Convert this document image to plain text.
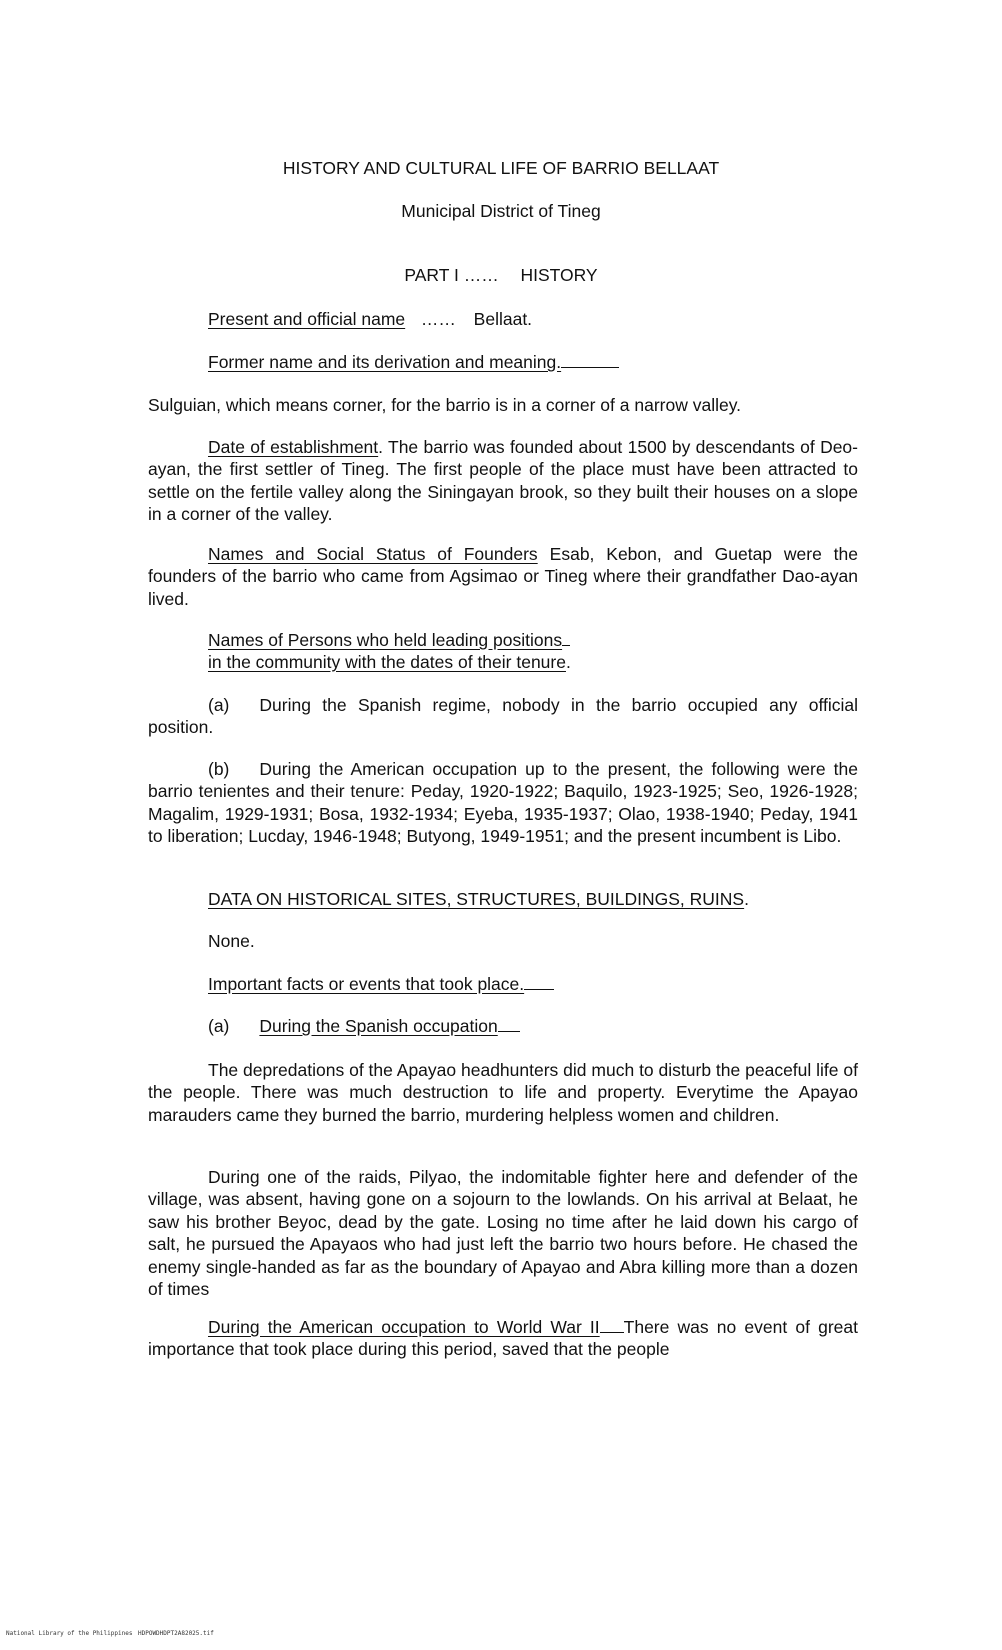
HISTORY AND CULTURAL LIFE OF BARRIO BELLAAT
Municipal District of Tineg
PART I …… HISTORY
Present and official name …… Bellaat.
Former name and its derivation and meaning.
Sulguian, which means corner, for the barrio is in a corner of a narrow valley.

Date of establishment. The barrio was founded about 1500 by descendants of Deo-ayan, the first settler of Tineg. The first people of the place must have been attracted to settle on the fertile valley along the Siningayan brook, so they built their houses on a slope in a corner of the valley.

Names and Social Status of Founders Esab, Kebon, and Guetap were the founders of the barrio who came from Agsimao or Tineg where their grandfather Dao-ayan lived.

Names of Persons who held leading positions
in the community with the dates of their tenure.

(a) During the Spanish regime, nobody in the barrio occupied any official position.

(b) During the American occupation up to the present, the following were the barrio tenientes and their tenure: Peday, 1920-1922; Baquilo, 1923-1925; Seo, 1926-1928; Magalim, 1929-1931; Bosa, 1932-1934; Eyeba, 1935-1937; Olao, 1938-1940; Peday, 1941 to liberation; Lucday, 1946-1948; Butyong, 1949-1951; and the present incumbent is Libo.

DATA ON HISTORICAL SITES, STRUCTURES, BUILDINGS, RUINS.
None.
Important facts or events that took place.
(a) During the Spanish occupation

The depredations of the Apayao headhunters did much to disturb the peaceful life of the people. There was much destruction to life and property. Everytime the Apayao marauders came they burned the barrio, murdering helpless women and children.

During one of the raids, Pilyao, the indomitable fighter here and defender of the village, was absent, having gone on a sojourn to the lowlands. On his arrival at Belaat, he saw his brother Beyoc, dead by the gate. Losing no time after he laid down his cargo of salt, he pursued the Apayaos who had just left the barrio two hours before. He chased the enemy single-handed as far as the boundary of Apayao and Abra killing more than a dozen of times

During the American occupation to World War II There was no event of great importance that took place during this period, saved that the people

National Library of the Philippines HDPOWDHDPT2A82025.tif
